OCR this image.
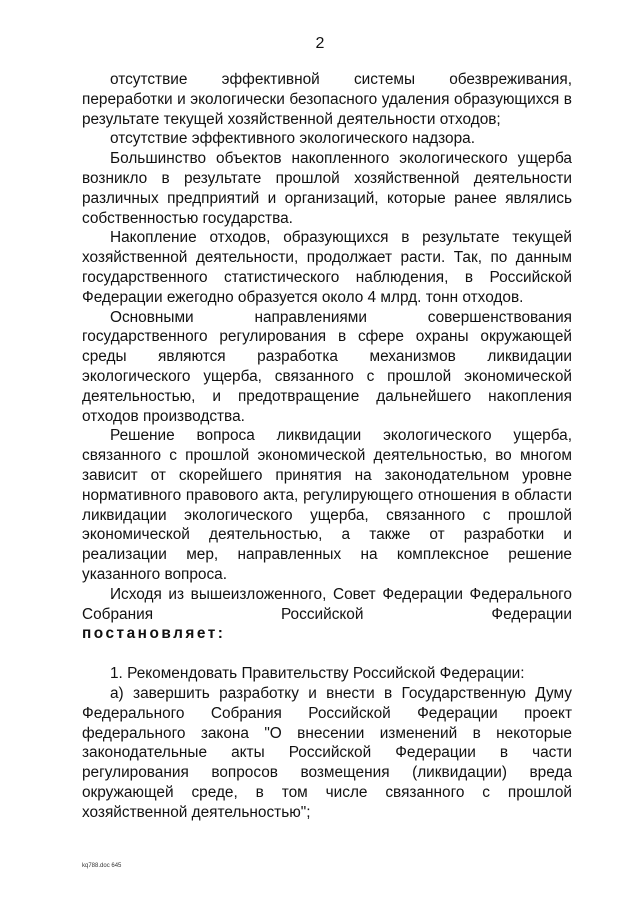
2

отсутствие эффективной системы обезвреживания, переработки и экологически безопасного удаления образующихся в результате текущей хозяйственной деятельности отходов;

отсутствие эффективного экологического надзора.

Большинство объектов накопленного экологического ущерба возникло в результате прошлой хозяйственной деятельности различных предприятий и организаций, которые ранее являлись собственностью государства.

Накопление отходов, образующихся в результате текущей хозяйственной деятельности, продолжает расти. Так, по данным государственного статистического наблюдения, в Российской Федерации ежегодно образуется около 4 млрд. тонн отходов.

Основными направлениями совершенствования государственного регулирования в сфере охраны окружающей среды являются разработка механизмов ликвидации экологического ущерба, связанного с прошлой экономической деятельностью, и предотвращение дальнейшего накопления отходов производства.

Решение вопроса ликвидации экологического ущерба, связанного с прошлой экономической деятельностью, во многом зависит от скорейшего принятия на законодательном уровне нормативного правового акта, регулирующего отношения в области ликвидации экологического ущерба, связанного с прошлой экономической деятельностью, а также от разработки и реализации мер, направленных на комплексное решение указанного вопроса.

Исходя из вышеизложенного, Совет Федерации Федерального Собрания Российской Федерации

постановляет:

1. Рекомендовать Правительству Российской Федерации:

а) завершить разработку и внести в Государственную Думу Федерального Собрания Российской Федерации проект федерального закона "О внесении изменений в некоторые законодательные акты Российской Федерации в части регулирования вопросов возмещения (ликвидации) вреда окружающей среде, в том числе связанного с прошлой хозяйственной деятельностью";

kq788.doc 645
